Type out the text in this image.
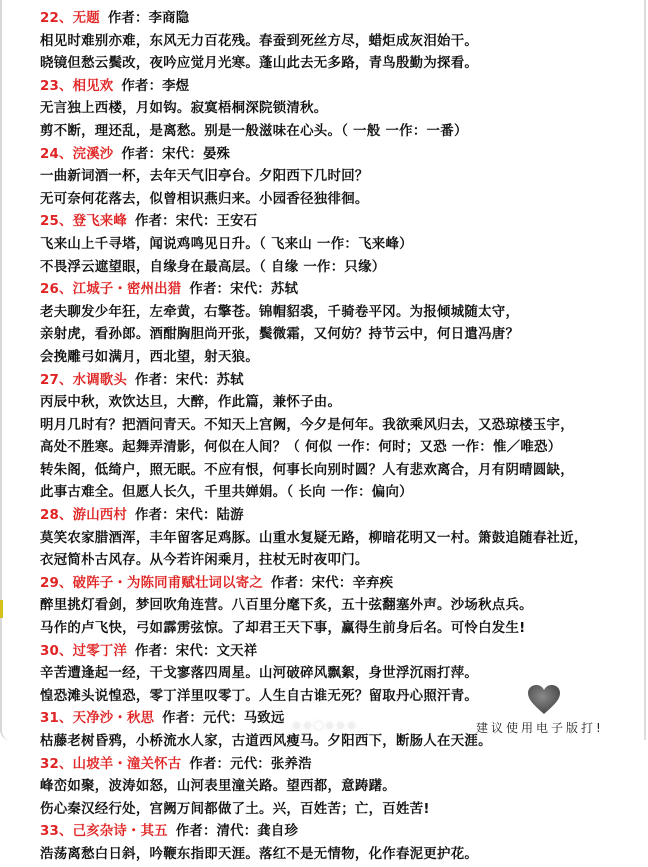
22、无题 作者：李商隐
相见时难别亦难，东风无力百花残。春蚕到死丝方尽，蜡炬成灰泪始干。
晓镜但愁云鬓改，夜吟应觉月光寒。蓬山此去无多路，青鸟殷勤为探看。
23、相见欢 作者：李煜
无言独上西楼，月如钩。寂寞梧桐深院锁清秋。
剪不断，理还乱，是离愁。别是一般滋味在心头。（ 一般 一作：一番）
24、浣溪沙 作者：宋代：晏殊
一曲新词酒一杯，去年天气旧亭台。夕阳西下几时回？
无可奈何花落去，似曾相识燕归来。小园香径独徘徊。
25、登飞来峰 作者：宋代：王安石
飞来山上千寻塔，闻说鸡鸣见日升。（ 飞来山 一作：飞来峰）
不畏浮云遮望眼，自缘身在最高层。（ 自缘 一作：只缘）
26、江城子・密州出猎 作者：宋代：苏轼
老夫聊发少年狂，左牵黄，右擎苍。锦帽貂裘，千骑卷平冈。为报倾城随太守，
亲射虎，看孙郎。酒酣胸胆尚开张，鬓微霜，又何妨？持节云中，何日遣冯唐？
会挽雕弓如满月，西北望，射天狼。
27、水调歌头 作者：宋代：苏轼
丙辰中秋，欢饮达旦，大醉，作此篇，兼怀子由。
明月几时有？把酒问青天。不知天上宫阙，今夕是何年。我欲乘风归去，又恐琼楼玉宇，
高处不胜寒。起舞弄清影，何似在人间？（ 何似 一作：何时；又恐 一作：惟／唯恐）
转朱阁，低绮户，照无眠。不应有恨，何事长向别时圆？人有悲欢离合，月有阴晴圆缺，
此事古难全。但愿人长久，千里共婵娟。（ 长向 一作：偏向）
28、游山西村 作者：宋代：陆游
莫笑农家腊酒浑，丰年留客足鸡豚。山重水复疑无路，柳暗花明又一村。箫鼓追随春社近，
衣冠简朴古风存。从今若许闲乘月，拄杖无时夜叩门。
29、破阵子・为陈同甫赋壮词以寄之 作者：宋代：辛弃疾
醉里挑灯看剑，梦回吹角连营。八百里分麾下炙，五十弦翻塞外声。沙场秋点兵。
马作的卢飞快，弓如霹雳弦惊。了却君王天下事，赢得生前身后名。可怜白发生!
30、过零丁洋 作者：宋代：文天祥
辛苦遭逢起一经，干戈寥落四周星。山河破碎风飘絮，身世浮沉雨打萍。
惶恐滩头说惶恐，零丁洋里叹零丁。人生自古谁无死？留取丹心照汗青。
31、天净沙・秋思 作者：元代：马致远
枯藤老树昏鸦，小桥流水人家，古道西风瘦马。夕阳西下，断肠人在天涯。
32、山坡羊・潼关怀古 作者：元代：张养浩
峰峦如聚，波涛如怒，山河表里潼关路。望西都，意踌躇。
伤心秦汉经行处，宫阙万间都做了土。兴，百姓苦；亡，百姓苦!
33、己亥杂诗・其五 作者：清代：龚自珍
浩荡离愁白日斜，吟鞭东指即天涯。落红不是无情物，化作春泥更护花。
建议使用电子版打!
